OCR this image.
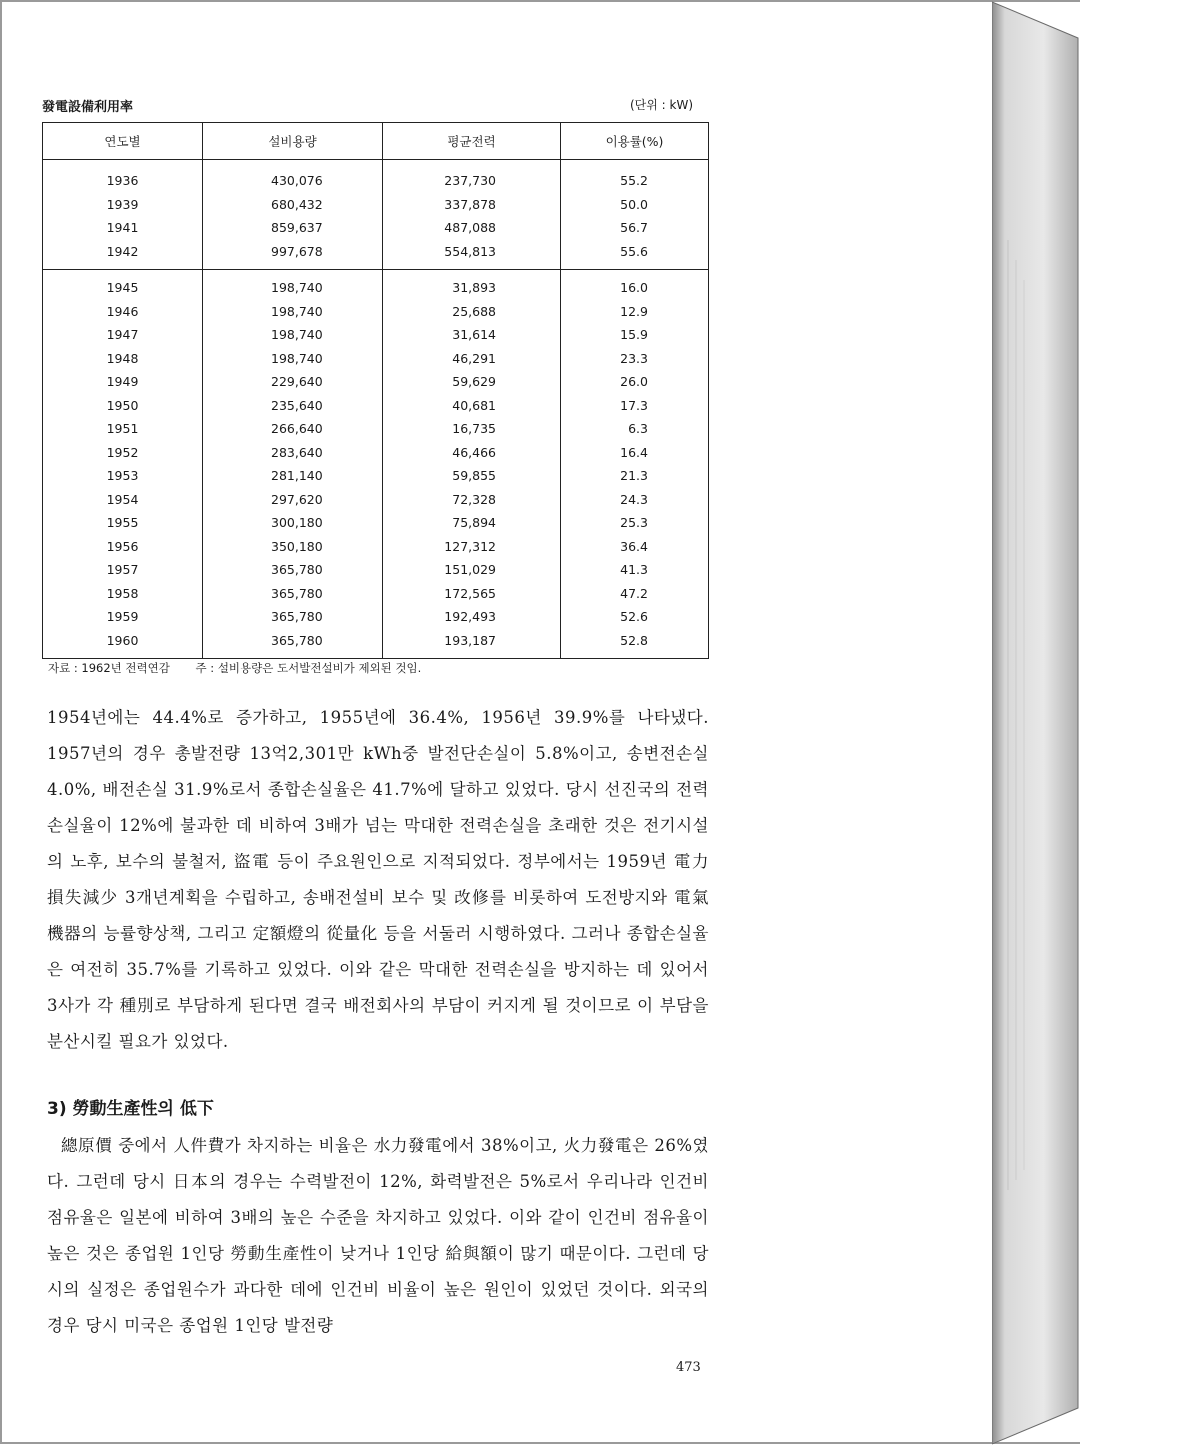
發電設備利用率	(단위 : kW)
연도별	설비용량	평균전력	이용률(%)
1936	430,076	237,730	55.2
1939	680,432	337,878	50.0
1941	859,637	487,088	56.7
1942	997,678	554,813	55.6
1945	198,740	31,893	16.0
1946	198,740	25,688	12.9
1947	198,740	31,614	15.9
1948	198,740	46,291	23.3
1949	229,640	59,629	26.0
1950	235,640	40,681	17.3
1951	266,640	16,735	6.3
1952	283,640	46,466	16.4
1953	281,140	59,855	21.3
1954	297,620	72,328	24.3
1955	300,180	75,894	25.3
1956	350,180	127,312	36.4
1957	365,780	151,029	41.3
1958	365,780	172,565	47.2
1959	365,780	192,493	52.6
1960	365,780	193,187	52.8
자료 : 1962년 전력연감 주 : 설비용량은 도서발전설비가 제외된 것임.
1954년에는 44.4%로 증가하고, 1955년에 36.4%, 1956년 39.9%를 나타냈다. 1957년의 경우 총발전량 13억2,301만 kWh중 발전단손실이 5.8%이고, 송변전손실 4.0%, 배전손실 31.9%로서 종합손실율은 41.7%에 달하고 있었다. 당시 선진국의 전력손실율이 12%에 불과한 데 비하여 3배가 넘는 막대한 전력손실을 초래한 것은 전기시설의 노후, 보수의 불철저, 盜電 등이 주요원인으로 지적되었다. 정부에서는 1959년 電力損失減少 3개년계획을 수립하고, 송배전설비 보수 및 改修를 비롯하여 도전방지와 電氣機器의 능률향상책, 그리고 定額燈의 從量化 등을 서둘러 시행하였다. 그러나 종합손실율은 여전히 35.7%를 기록하고 있었다. 이와 같은 막대한 전력손실을 방지하는 데 있어서 3사가 각 種別로 부담하게 된다면 결국 배전회사의 부담이 커지게 될 것이므로 이 부담을 분산시킬 필요가 있었다.
3) 勞動生產性의 低下
總原價 중에서 人件費가 차지하는 비율은 水力發電에서 38%이고, 火力發電은 26%였다. 그런데 당시 日本의 경우는 수력발전이 12%, 화력발전은 5%로서 우리나라 인건비 점유율은 일본에 비하여 3배의 높은 수준을 차지하고 있었다. 이와 같이 인건비 점유율이 높은 것은 종업원 1인당 勞動生產性이 낮거나 1인당 給與額이 많기 때문이다. 그런데 당시의 실정은 종업원수가 과다한 데에 인건비 비율이 높은 원인이 있었던 것이다. 외국의 경우 당시 미국은 종업원 1인당 발전량
473
